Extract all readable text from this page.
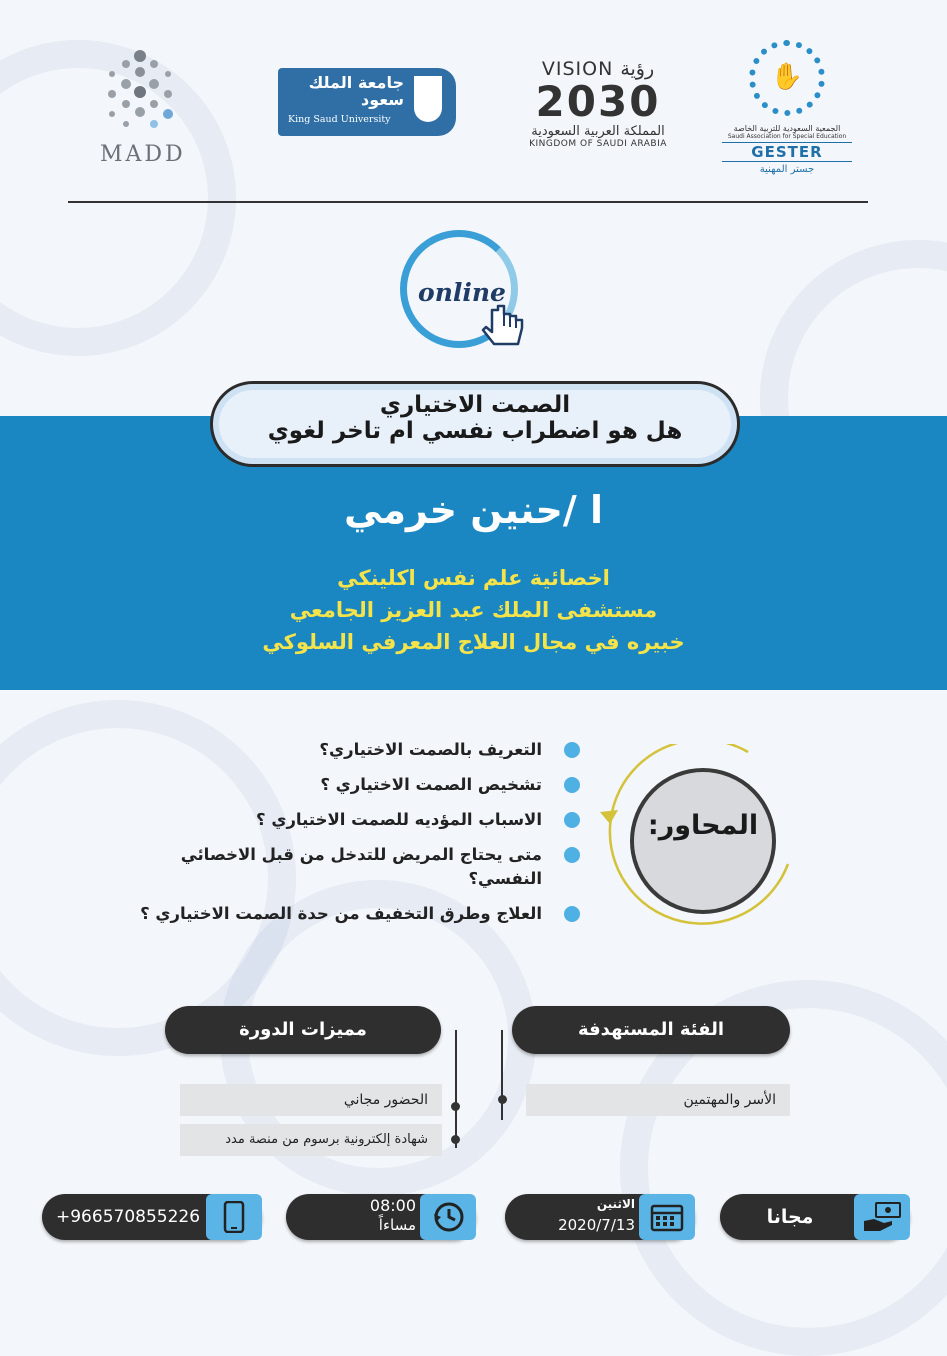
MADD
جامعة الملك سعود
King Saud University
VISION رؤية
2030
المملكة العربية السعودية
KINGDOM OF SAUDI ARABIA
✋
الجمعية السعودية للتربية الخاصة
Saudi Association for Special Education
GESTER
جستر المهنية
online
الصمت الاختياري
هل هو اضطراب نفسي ام تاخر لغوي
ا /حنين خرمي
اخصائية علم نفس اكلينكي
مستشفى الملك عبد العزيز الجامعي
خبيره في مجال العلاج المعرفي السلوكي
المحاور:
التعريف بالصمت الاختياري؟
تشخيص الصمت الاختياري ؟
الاسباب المؤديه للصمت الاختياري ؟
متى يحتاج المريض للتدخل من قبل الاخصائي النفسي؟
العلاج وطرق التخفيف من حدة الصمت الاختياري ؟
الفئة المستهدفة
الأسر والمهتمين
مميزات الدورة
الحضور مجاني
شهادة إلكترونية برسوم من منصة مدد
+966570855226
08:00
مساءاً
الاثنين
2020/7/13	مجانا
